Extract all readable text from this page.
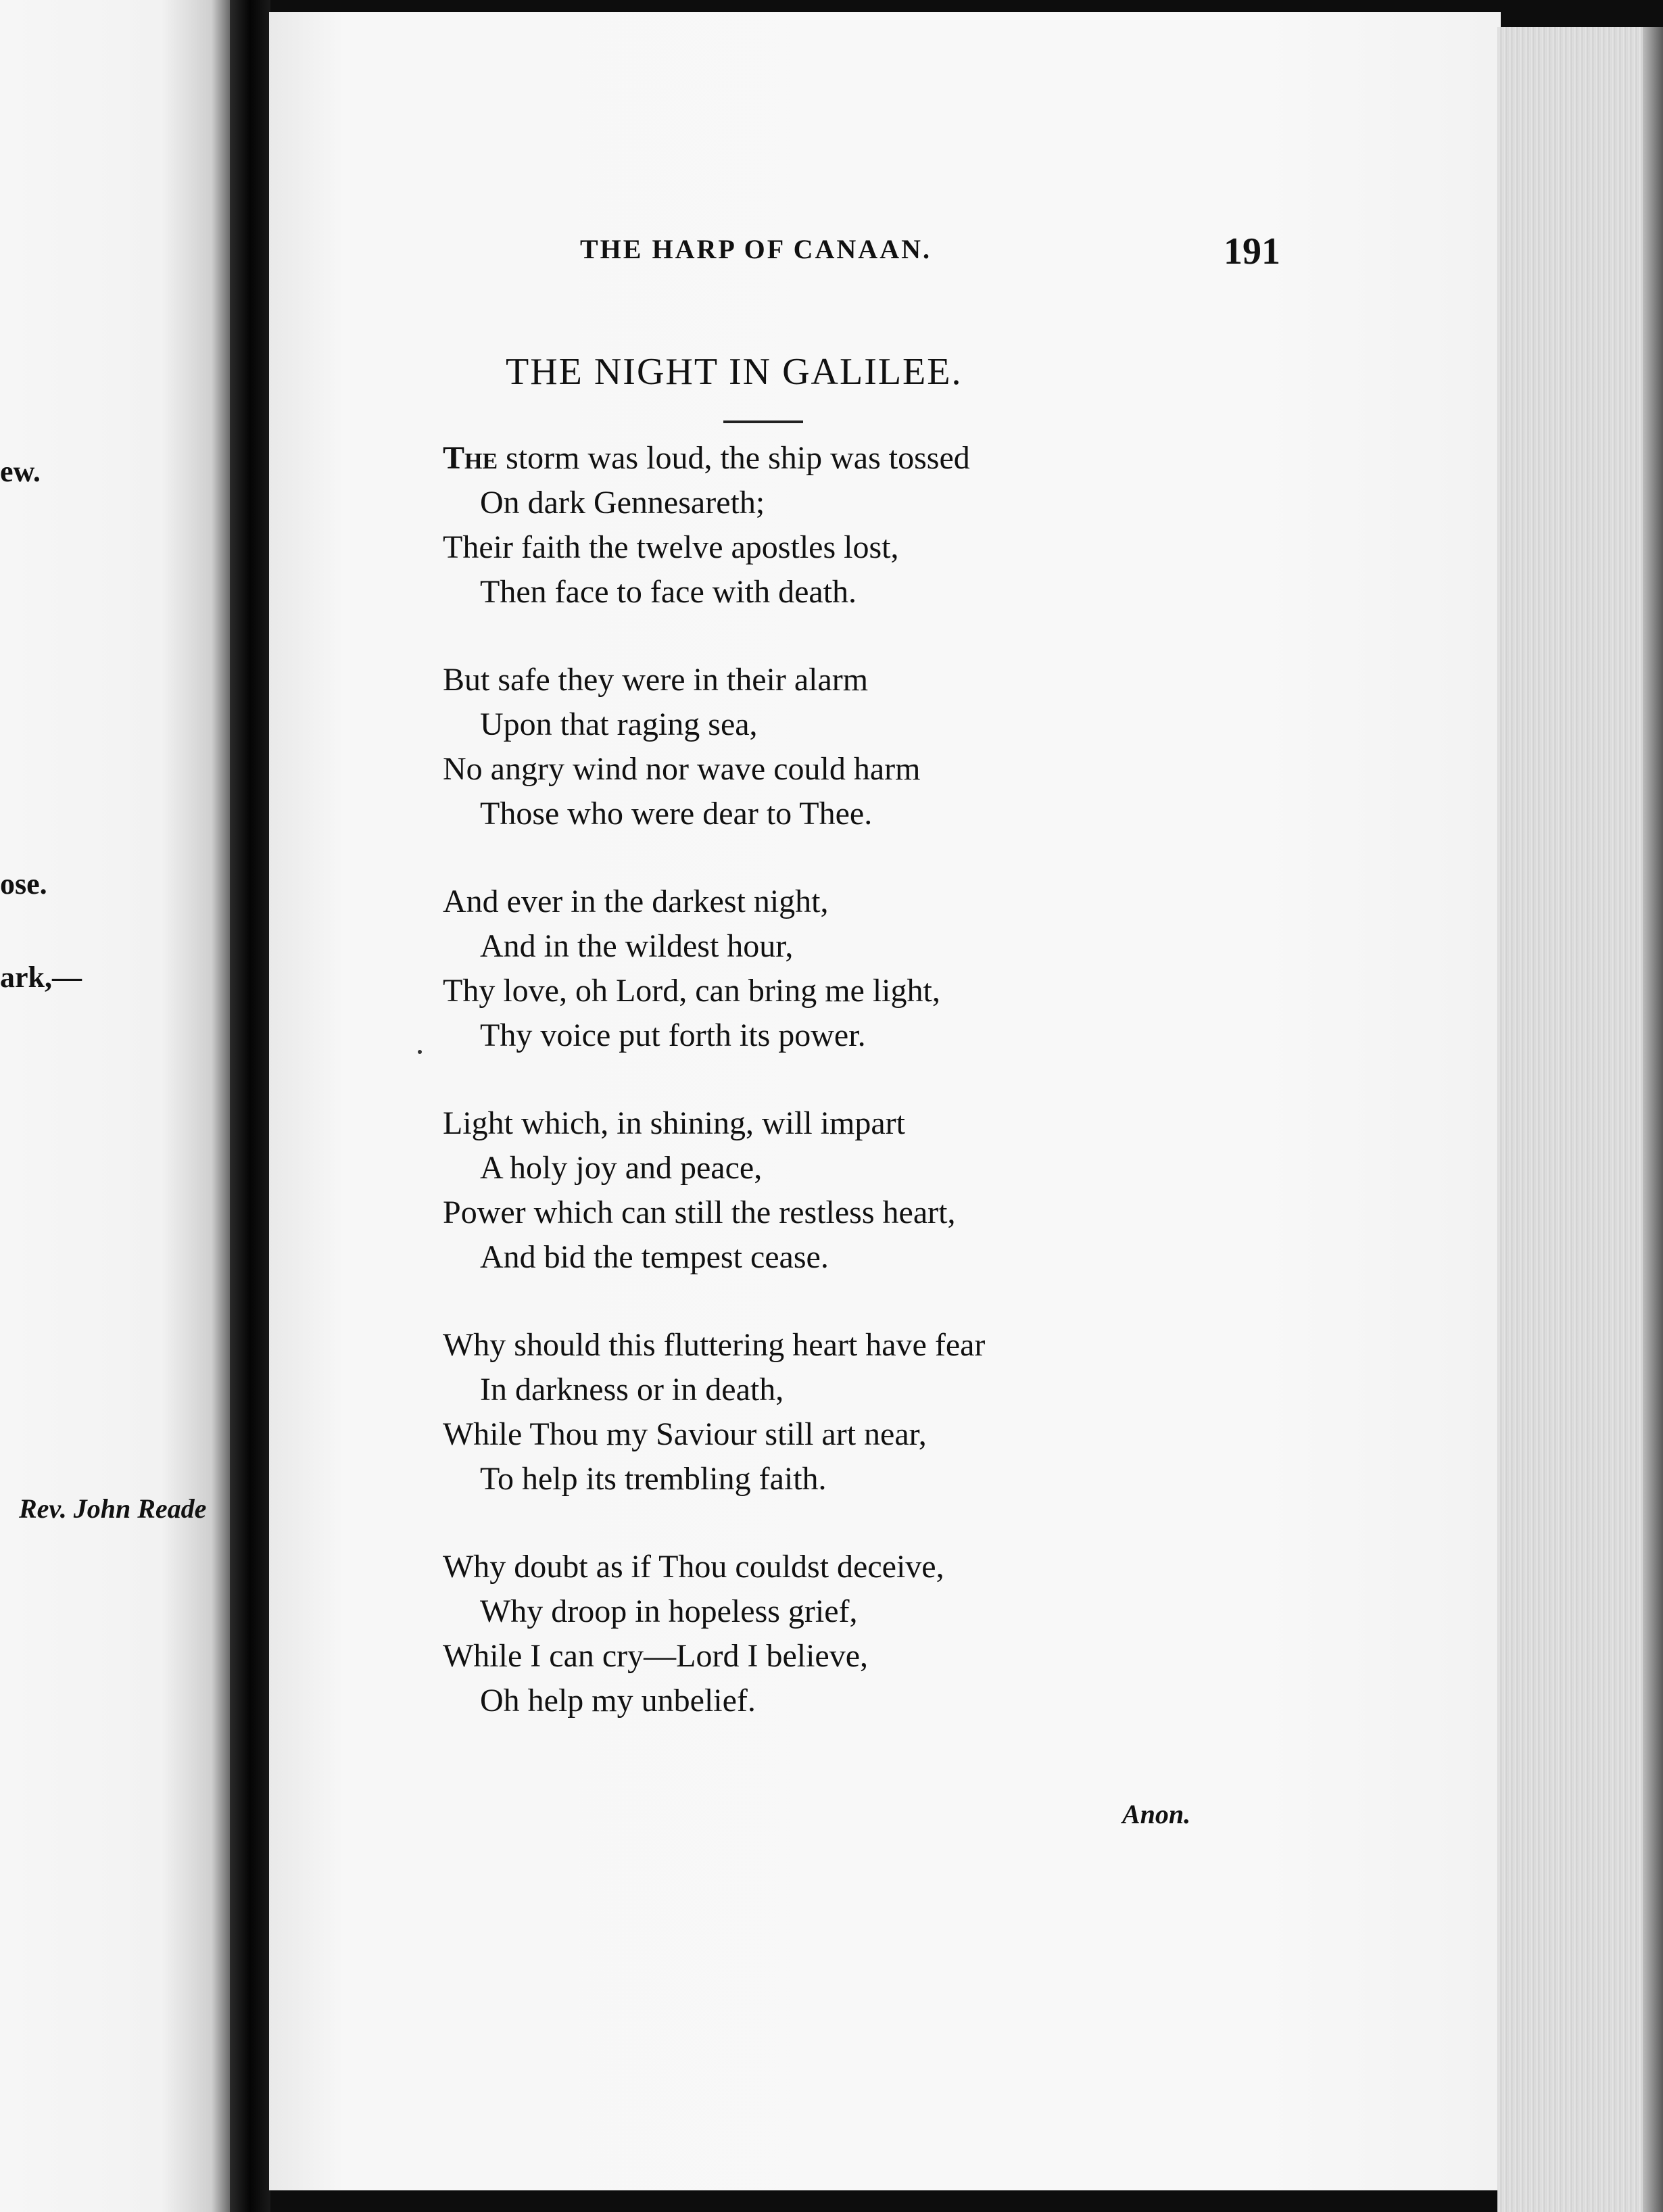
ew.
ose.
ark,—
Rev. John Reade
THE HARP OF CANAAN.	191
THE NIGHT IN GALILEE.
The storm was loud, the ship was tossed
On dark Gennesareth;
Their faith the twelve apostles lost,
Then face to face with death.
But safe they were in their alarm
Upon that raging sea,
No angry wind nor wave could harm
Those who were dear to Thee.
And ever in the darkest night,
And in the wildest hour,
Thy love, oh Lord, can bring me light,
Thy voice put forth its power.
Light which, in shining, will impart
A holy joy and peace,
Power which can still the restless heart,
And bid the tempest cease.
Why should this fluttering heart have fear
In darkness or in death,
While Thou my Saviour still art near,
To help its trembling faith.
Why doubt as if Thou couldst deceive,
Why droop in hopeless grief,
While I can cry—Lord I believe,
Oh help my unbelief.
Anon.
